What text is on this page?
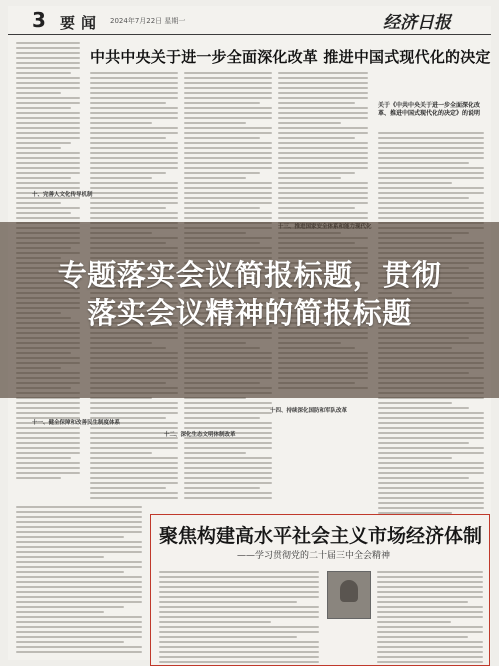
3 要闻 2024年7月22日 星期一	经济日报
中共中央关于进一步全面深化改革 推进中国式现代化的决定
关于《中共中央关于进一步全面深化改革、推进中国式现代化的决定》的说明
十、完善人文化传导机制
十一、健全保障和改善民生制度体系
十二、深化生态文明体制改革
十四、持续深化国防和军队改革
聚焦构建高水平社会主义市场经济体制
——学习贯彻党的二十届三中全会精神
专题落实会议简报标题，贯彻
落实会议精神的简报标题
